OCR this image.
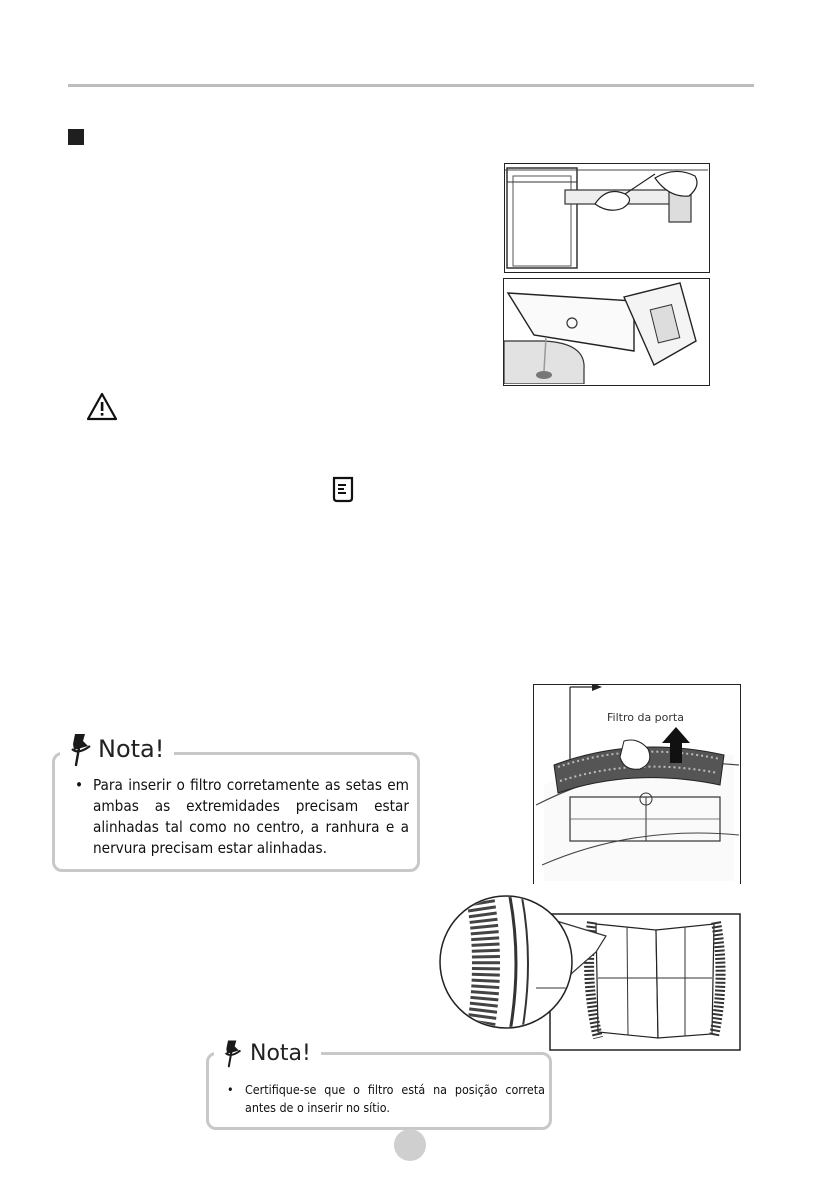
Filtro da porta
• Para inserir o filtro corretamente as setas em ambas as extremidades precisam estar alinhadas tal como no centro, a ranhura e a nervura precisam estar alinhadas.
Nota!
• Certifique-se que o filtro está na posição correta antes de o inserir no sítio.
Nota!
